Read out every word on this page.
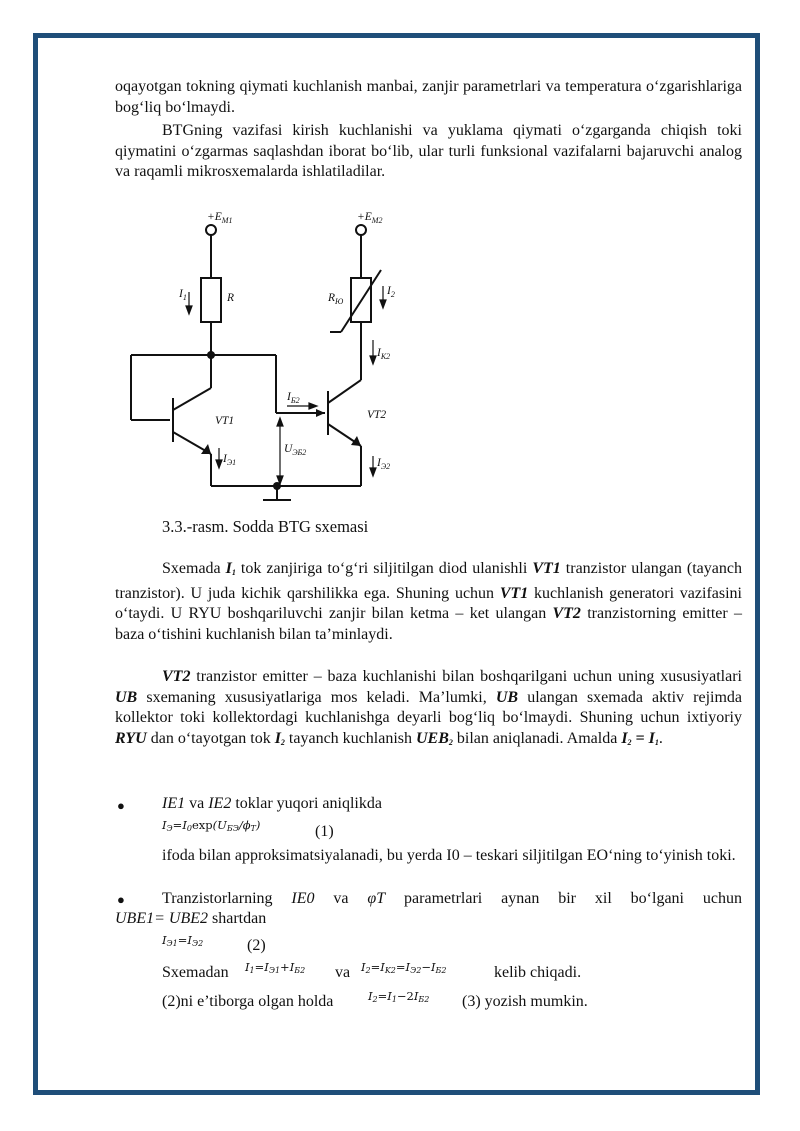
oqayotgan tokning qiymati kuchlanish manbai, zanjir parametrlari va temperatura o‘zgarishlariga bog‘liq bo‘lmaydi.

BTGning vazifasi kirish kuchlanishi va yuklama qiymati o‘zgarganda chiqish toki qiymatini o‘zgarmas saqlashdan iborat bo‘lib, ular turli funksional vazifalarni bajaruvchi analog va raqamli mikrosxemalarda ishlatiladilar.

$+E_{M1}$	$+E_{M2}$
$I_1$	R	$R_Ю$
$I_2$
$I_{K2}$
$I_{Б2}$
VT1	VT2
$I_{Э1}$
$U_{ЭБ2}$
$I_{Э2}$
3.3.-rasm. Sodda BTG sxemasi

Sxemada $I_1$ tok zanjiriga to‘g‘ri siljitilgan diod ulanishli VT1 tranzistor ulangan (tayanch tranzistor). U juda kichik qarshilikka ega. Shuning uchun VT1 kuchlanish generatori vazifasini o‘taydi. U RYU boshqariluvchi zanjir bilan ketma – ket ulangan VT2 tranzistorning emitter – baza o‘tishini kuchlanish bilan ta’minlaydi.

VT2 tranzistor emitter – baza kuchlanishi bilan boshqarilgani uchun uning xususiyatlari UB sxemaning xususiyatlariga mos keladi. Ma’lumki, UB ulangan sxemada aktiv rejimda kollektor toki kollektordagi kuchlanishga deyarli bog‘liq bo‘lmaydi. Shuning uchun ixtiyoriy RYU dan o‘tayotgan tok $I_2$ tayanch kuchlanish $UEB_2$ bilan aniqlanadi. Amalda $I_2 = I_1$.

● IE1 va IE2 toklar yuqori aniqlikda
$I_Э=I_0\exp(U_{БЭ}/\phi_T)$	(1)

ifoda bilan approksimatsiyalanadi, bu yerda I0 – teskari siljitilgan EO‘ning to‘yinish toki.

● Tranzistorlarning IE0 va φT parametrlari aynan bir xil bo‘lgani uchun
UBE1= UBE2 shartdan
$I_{Э1}=I_{Э2}$	(2)
Sxemadan $I_1=I_{Э1}+I_{Б2}$ va $I_2=I_{K2}=I_{Э2}-I_{Б2}$	kelib chiqadi.
(2)ni e’tiborga olgan holda	$I_2=I_1-2I_{Б2}$ (3) yozish mumkin.
